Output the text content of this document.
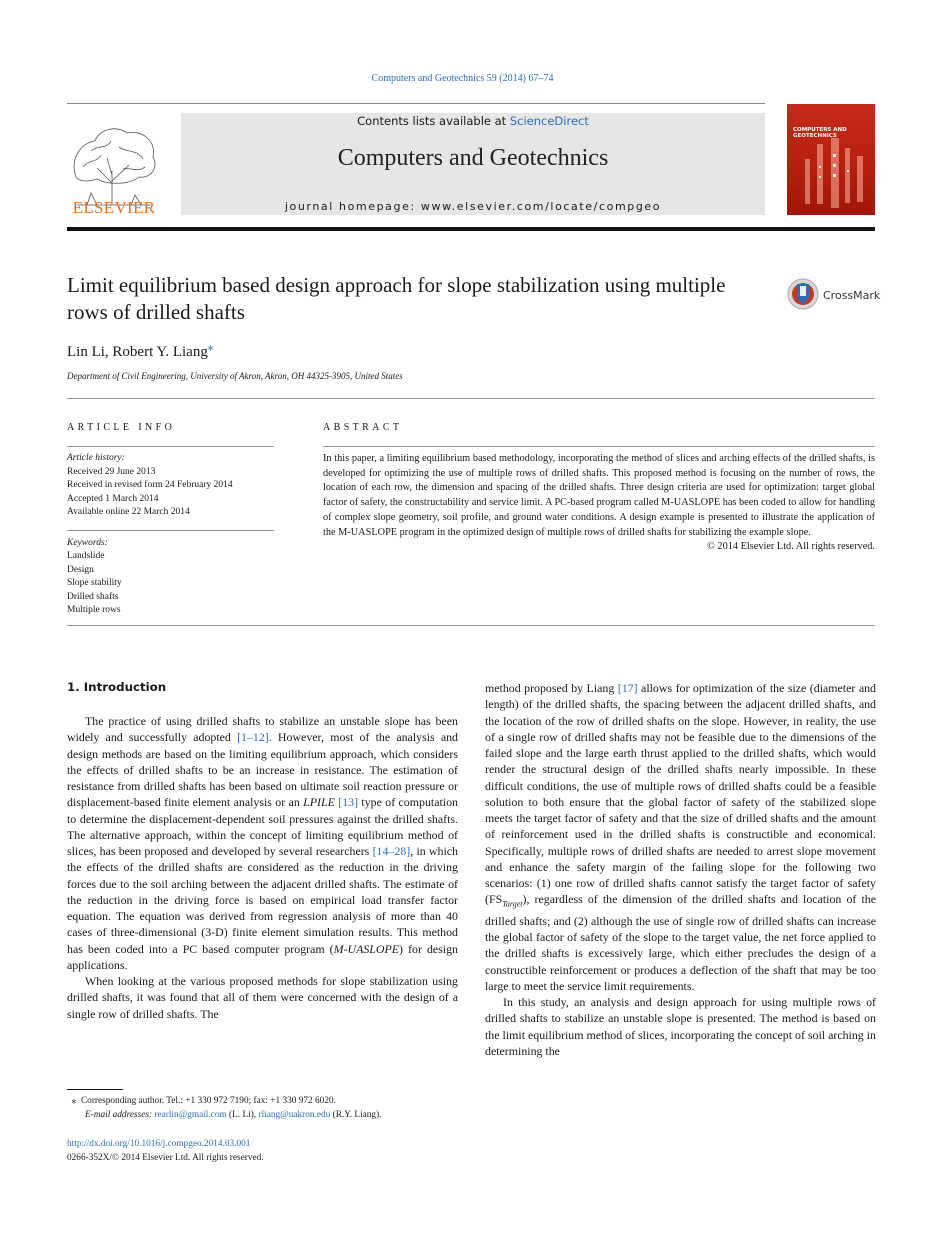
Computers and Geotechnics 59 (2014) 67–74
ELSEVIER
Contents lists available at ScienceDirect
Computers and Geotechnics
journal homepage: www.elsevier.com/locate/compgeo
COMPUTERS AND GEOTECHNICS
Limit equilibrium based design approach for slope stabilization using multiple rows of drilled shafts
CrossMark
Lin Li, Robert Y. Liang⁎
Department of Civil Engineering, University of Akron, Akron, OH 44325-3905, United States
ARTICLE INFO	ABSTRACT
Article history:
Received 29 June 2013
Received in revised form 24 February 2014
Accepted 1 March 2014
Available online 22 March 2014
Keywords:
Landslide
Design
Slope stability
Drilled shafts
Multiple rows
In this paper, a limiting equilibrium based methodology, incorporating the method of slices and arching effects of the drilled shafts, is developed for optimizing the use of multiple rows of drilled shafts. This proposed method is focusing on the number of rows, the location of each row, the dimension and spacing of the drilled shafts. Three design criteria are used for optimization: target global factor of safety, the constructability and service limit. A PC-based program called M-UASLOPE has been coded to allow for handling of complex slope geometry, soil profile, and ground water conditions. A design example is presented to illustrate the application of the M-UASLOPE program in the optimized design of multiple rows of drilled shafts for stabilizing the example slope.
© 2014 Elsevier Ltd. All rights reserved.
1. Introduction

The practice of using drilled shafts to stabilize an unstable slope has been widely and successfully adopted [1–12]. However, most of the analysis and design methods are based on the limiting equilibrium approach, which considers the effects of drilled shafts to be an increase in resistance. The estimation of resistance from drilled shafts has been based on ultimate soil reaction pressure or displacement-based finite element analysis or an LPILE [13] type of computation to determine the displacement-dependent soil pressures against the drilled shafts. The alternative approach, within the concept of limiting equilibrium method of slices, has been proposed and developed by several researchers [14–28], in which the effects of the drilled shafts are considered as the reduction in the driving forces due to the soil arching between the adjacent drilled shafts. The estimate of the reduction in the driving force is based on empirical load transfer factor equation. The equation was derived from regression analysis of more than 40 cases of three-dimensional (3-D) finite element simulation results. This method has been coded into a PC based computer program (M-UASLOPE) for design applications.

When looking at the various proposed methods for slope stabilization using drilled shafts, it was found that all of them were concerned with the design of a single row of drilled shafts. The

method proposed by Liang [17] allows for optimization of the size (diameter and length) of the drilled shafts, the spacing between the adjacent drilled shafts, and the location of the row of drilled shafts on the slope. However, in reality, the use of a single row of drilled shafts may not be feasible due to the dimensions of the failed slope and the large earth thrust applied to the drilled shafts, which would render the structural design of the drilled shafts nearly impossible. In these difficult conditions, the use of multiple rows of drilled shafts could be a feasible solution to both ensure that the global factor of safety of the stabilized slope meets the target factor of safety and that the size of drilled shafts and the amount of reinforcement used in the drilled shafts is constructible and economical. Specifically, multiple rows of drilled shafts are needed to arrest slope movement and enhance the safety margin of the failing slope for the following two scenarios: (1) one row of drilled shafts cannot satisfy the target factor of safety $(FS_{Target})$, regardless of the dimension of the drilled shafts and location of the drilled shafts; and (2) although the use of single row of drilled shafts can increase the global factor of safety of the slope to the target value, the net force applied to the drilled shafts is excessively large, which either precludes the design of a constructible reinforcement or produces a deflection of the shaft that may be too large to meet the service limit requirements.

In this study, an analysis and design approach for using multiple rows of drilled shafts to stabilize an unstable slope is presented. The method is based on the limit equilibrium method of slices, incorporating the concept of soil arching in determining the

⁎ Corresponding author. Tel.: +1 330 972 7190; fax: +1 330 972 6020.
E-mail addresses: rearlin@gmail.com (L. Li), rliang@uakron.edu (R.Y. Liang).
http://dx.doi.org/10.1016/j.compgeo.2014.03.001
0266-352X/© 2014 Elsevier Ltd. All rights reserved.
